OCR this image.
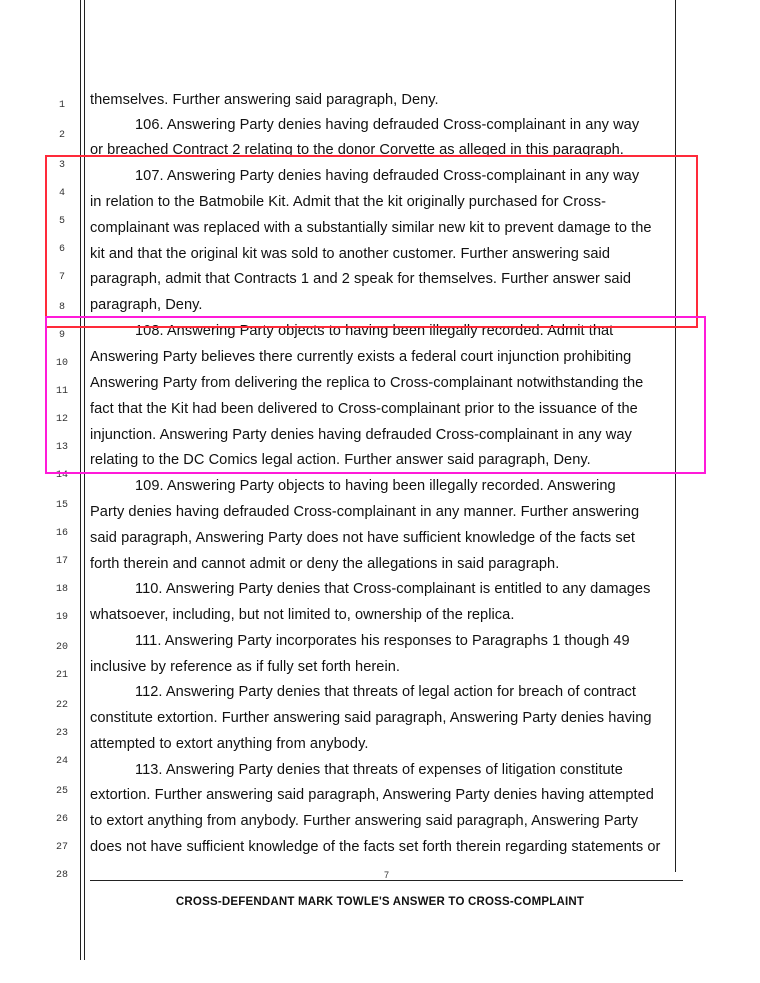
1
2
3
4
5
6
7
8
9
10
11
12
13
14
15
16
17
18
19
20
21
22
23
24
25
26
27
28
themselves. Further answering said paragraph, Deny.
106. Answering Party denies having defrauded Cross-complainant in any way
or breached Contract 2 relating to the donor Corvette as alleged in this paragraph.
107. Answering Party denies having defrauded Cross-complainant in any way
in relation to the Batmobile Kit. Admit that the kit originally purchased for Cross-
complainant was replaced with a substantially similar new kit to prevent damage to the
kit and that the original kit was sold to another customer. Further answering said
paragraph, admit that Contracts 1 and 2 speak for themselves. Further answer said
paragraph, Deny.
108. Answering Party objects to having been illegally recorded. Admit that
Answering Party believes there currently exists a federal court injunction prohibiting
Answering Party from delivering the replica to Cross-complainant notwithstanding the
fact that the Kit had been delivered to Cross-complainant prior to the issuance of the
injunction. Answering Party denies having defrauded Cross-complainant in any way
relating to the DC Comics legal action. Further answer said paragraph, Deny.
109. Answering Party objects to having been illegally recorded. Answering
Party denies having defrauded Cross-complainant in any manner. Further answering
said paragraph, Answering Party does not have sufficient knowledge of the facts set
forth therein and cannot admit or deny the allegations in said paragraph.
110. Answering Party denies that Cross-complainant is entitled to any damages
whatsoever, including, but not limited to, ownership of the replica.
111. Answering Party incorporates his responses to Paragraphs 1 though 49
inclusive by reference as if fully set forth herein.
112. Answering Party denies that threats of legal action for breach of contract
constitute extortion. Further answering said paragraph, Answering Party denies having
attempted to extort anything from anybody.
113. Answering Party denies that threats of expenses of litigation constitute
extortion. Further answering said paragraph, Answering Party denies having attempted
to extort anything from anybody. Further answering said paragraph, Answering Party
does not have sufficient knowledge of the facts set forth therein regarding statements or
7
CROSS-DEFENDANT MARK TOWLE'S ANSWER TO CROSS-COMPLAINT
